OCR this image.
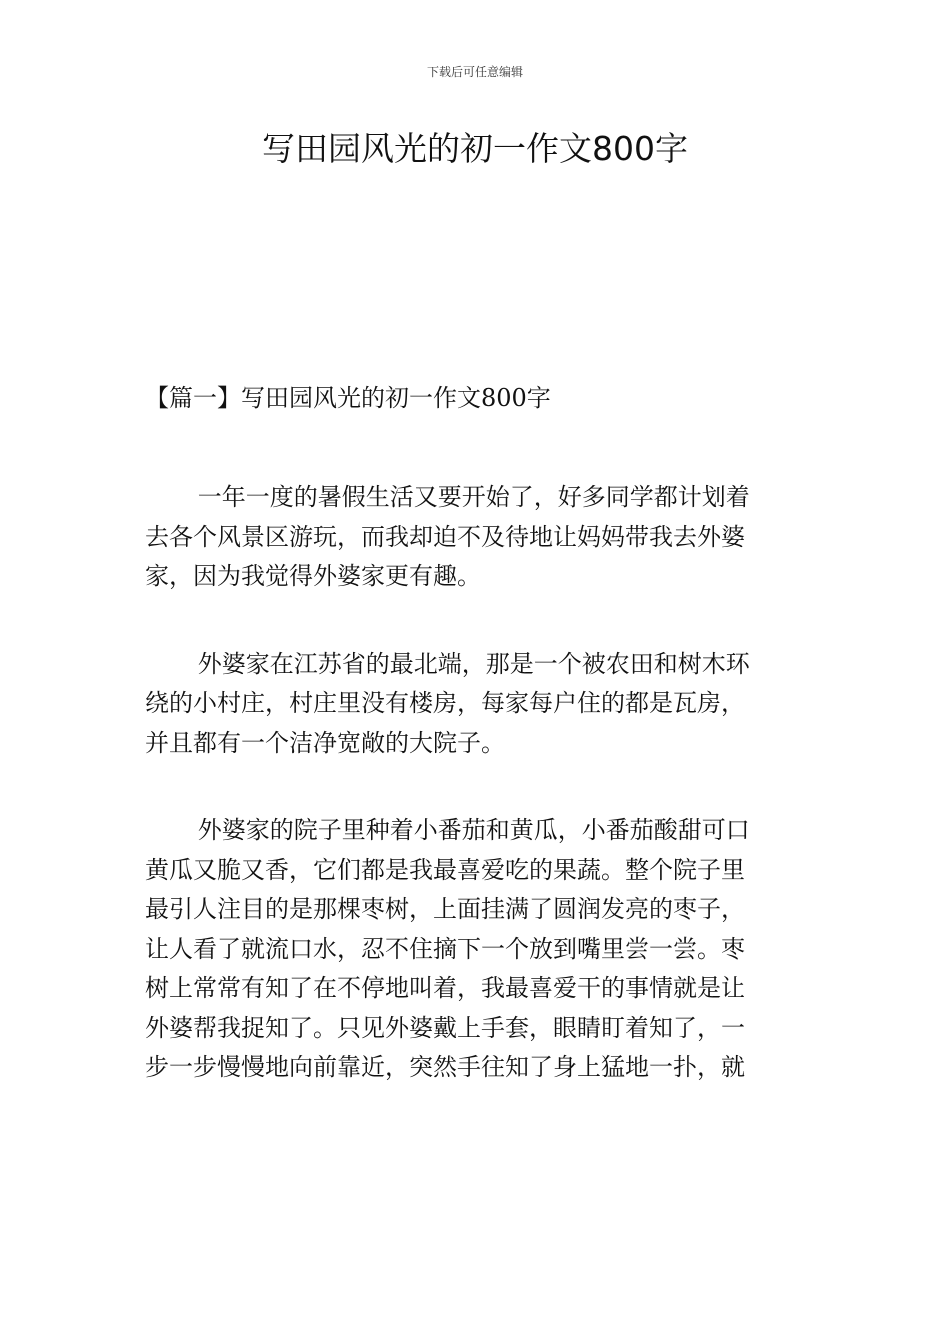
下载后可任意编辑
写田园风光的初一作文800字
【篇一】写田园风光的初一作文800字

一年一度的暑假生活又要开始了，好多同学都计划着
去各个风景区游玩，而我却迫不及待地让妈妈带我去外婆
家，因为我觉得外婆家更有趣。

外婆家在江苏省的最北端，那是一个被农田和树木环
绕的小村庄，村庄里没有楼房，每家每户住的都是瓦房，
并且都有一个洁净宽敞的大院子。

外婆家的院子里种着小番茄和黄瓜，小番茄酸甜可口
黄瓜又脆又香，它们都是我最喜爱吃的果蔬。整个院子里
最引人注目的是那棵枣树，上面挂满了圆润发亮的枣子，
让人看了就流口水，忍不住摘下一个放到嘴里尝一尝。枣
树上常常有知了在不停地叫着，我最喜爱干的事情就是让
外婆帮我捉知了。只见外婆戴上手套，眼睛盯着知了，一
步一步慢慢地向前靠近，突然手往知了身上猛地一扑，就
